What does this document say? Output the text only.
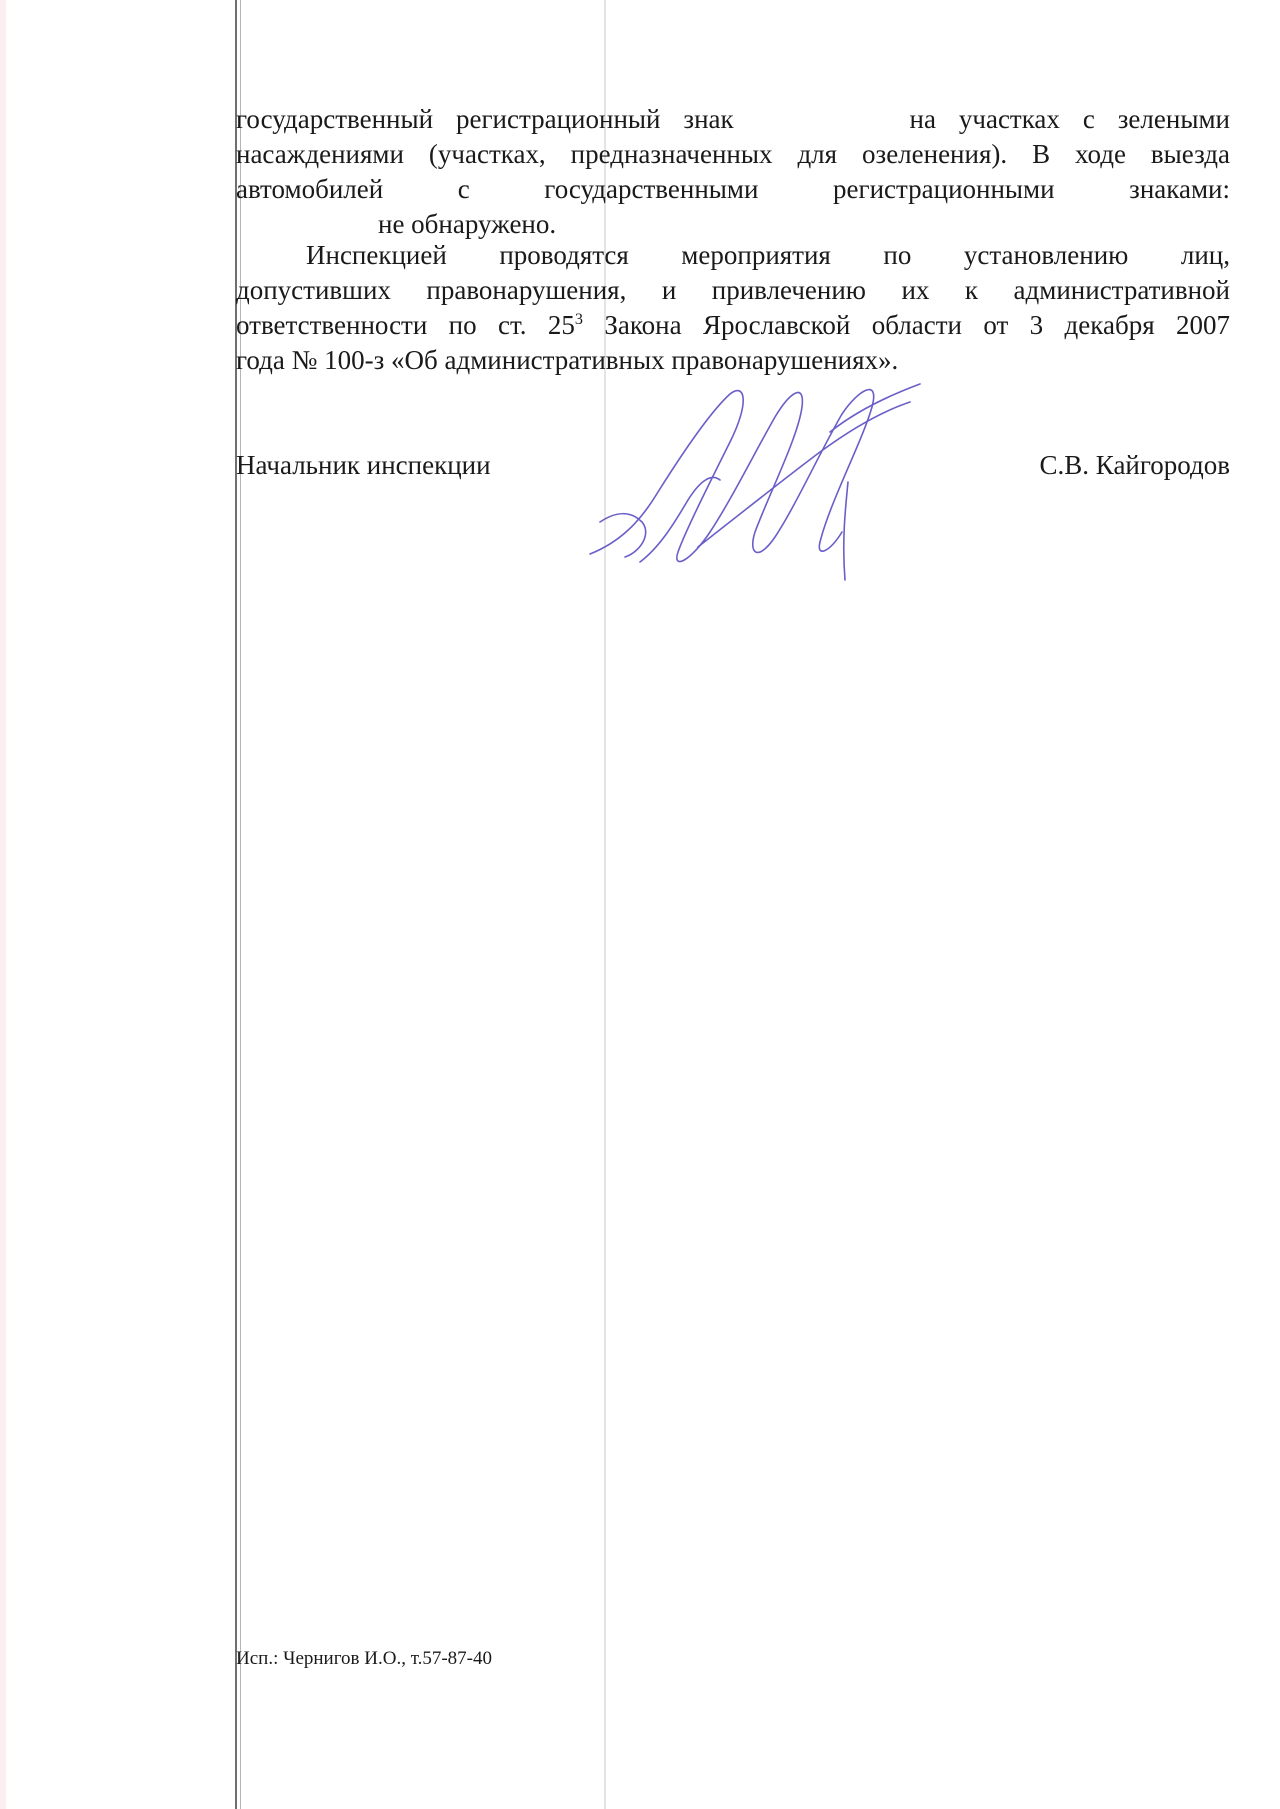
государственный регистрационный знак	на участках с зелеными
насаждениями (участках, предназначенных для озеленения). В ходе выезда
автомобилей с государственными регистрационными знаками:
не обнаружено.
Инспекцией проводятся мероприятия по установлению лиц,
допустивших правонарушения, и привлечению их к административной
ответственности по ст. $25^3$ Закона Ярославской области от 3 декабря 2007
года № 100-з «Об административных правонарушениях».
Начальник инспекции	С.В. Кайгородов
Исп.: Чернигов И.О., т.57-87-40
